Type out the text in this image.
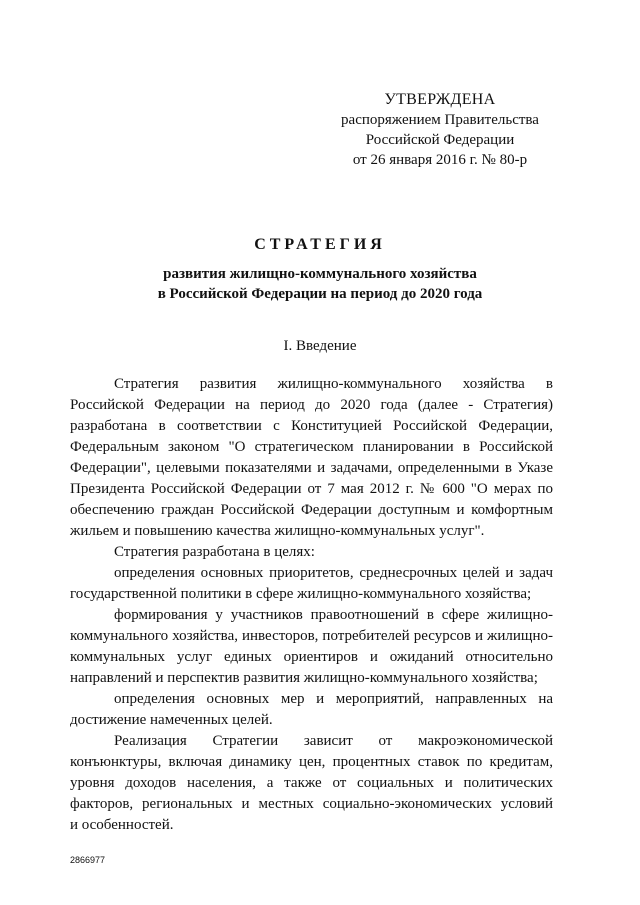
УТВЕРЖДЕНА
распоряжением Правительства
Российской Федерации
от 26 января 2016 г. № 80-р
СТРАТЕГИЯ
развития жилищно-коммунального хозяйства
в Российской Федерации на период до 2020 года
I. Введение
Стратегия развития жилищно-коммунального хозяйства в
Российской Федерации на период до 2020 года (далее - Стратегия)
разработана в соответствии с Конституцией Российской Федерации,
Федеральным законом "О стратегическом планировании в Российской
Федерации", целевыми показателями и задачами, определенными в Указе
Президента Российской Федерации от 7 мая 2012 г. № 600 "О мерах по
обеспечению граждан Российской Федерации доступным и комфортным
жильем и повышению качества жилищно-коммунальных услуг".
Стратегия разработана в целях:
определения основных приоритетов, среднесрочных целей и задач
государственной политики в сфере жилищно-коммунального хозяйства;
формирования у участников правоотношений в сфере жилищно-
коммунального хозяйства, инвесторов, потребителей ресурсов и жилищно-
коммунальных услуг единых ориентиров и ожиданий относительно
направлений и перспектив развития жилищно-коммунального хозяйства;
определения основных мер и мероприятий, направленных на
достижение намеченных целей.
Реализация Стратегии зависит от макроэкономической
конъюнктуры, включая динамику цен, процентных ставок по кредитам,
уровня доходов населения, а также от социальных и политических
факторов, региональных и местных социально-экономических условий
и особенностей.
2866977
